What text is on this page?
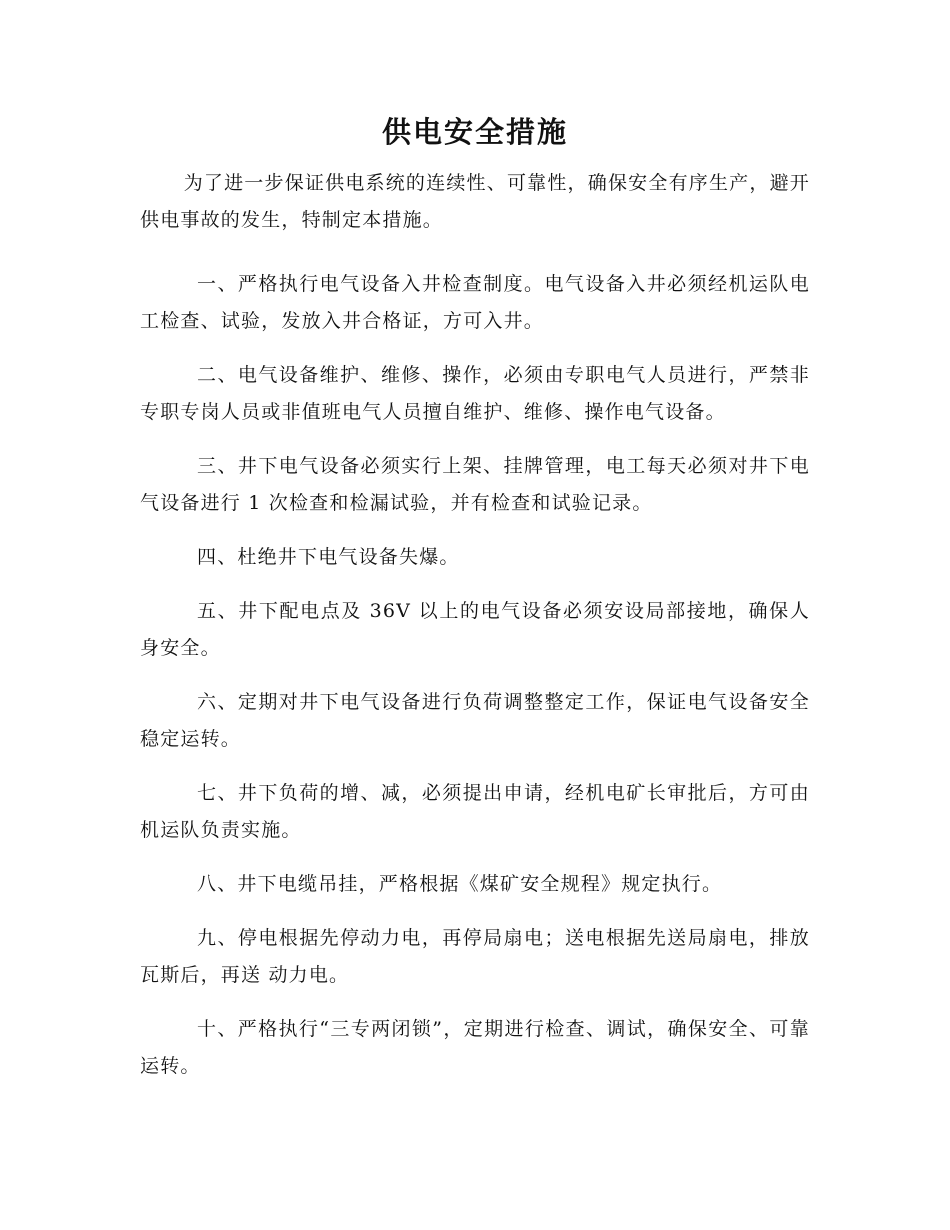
供电安全措施

为了进一步保证供电系统的连续性、可靠性，确保安全有序生产，避开供电事故的发生，特制定本措施。

一、严格执行电气设备入井检查制度。电气设备入井必须经机运队电工检查、试验，发放入井合格证，方可入井。

二、电气设备维护、维修、操作，必须由专职电气人员进行，严禁非专职专岗人员或非值班电气人员擅自维护、维修、操作电气设备。

三、井下电气设备必须实行上架、挂牌管理，电工每天必须对井下电气设备进行 1 次检查和检漏试验，并有检查和试验记录。

四、杜绝井下电气设备失爆。

五、井下配电点及 36V 以上的电气设备必须安设局部接地，确保人身安全。

六、定期对井下电气设备进行负荷调整整定工作，保证电气设备安全稳定运转。

七、井下负荷的增、减，必须提出申请，经机电矿长审批后，方可由机运队负责实施。

八、井下电缆吊挂，严格根据《煤矿安全规程》规定执行。

九、停电根据先停动力电，再停局扇电；送电根据先送局扇电，排放瓦斯后，再送 动力电。

十、严格执行“三专两闭锁”，定期进行检查、调试，确保安全、可靠运转。
